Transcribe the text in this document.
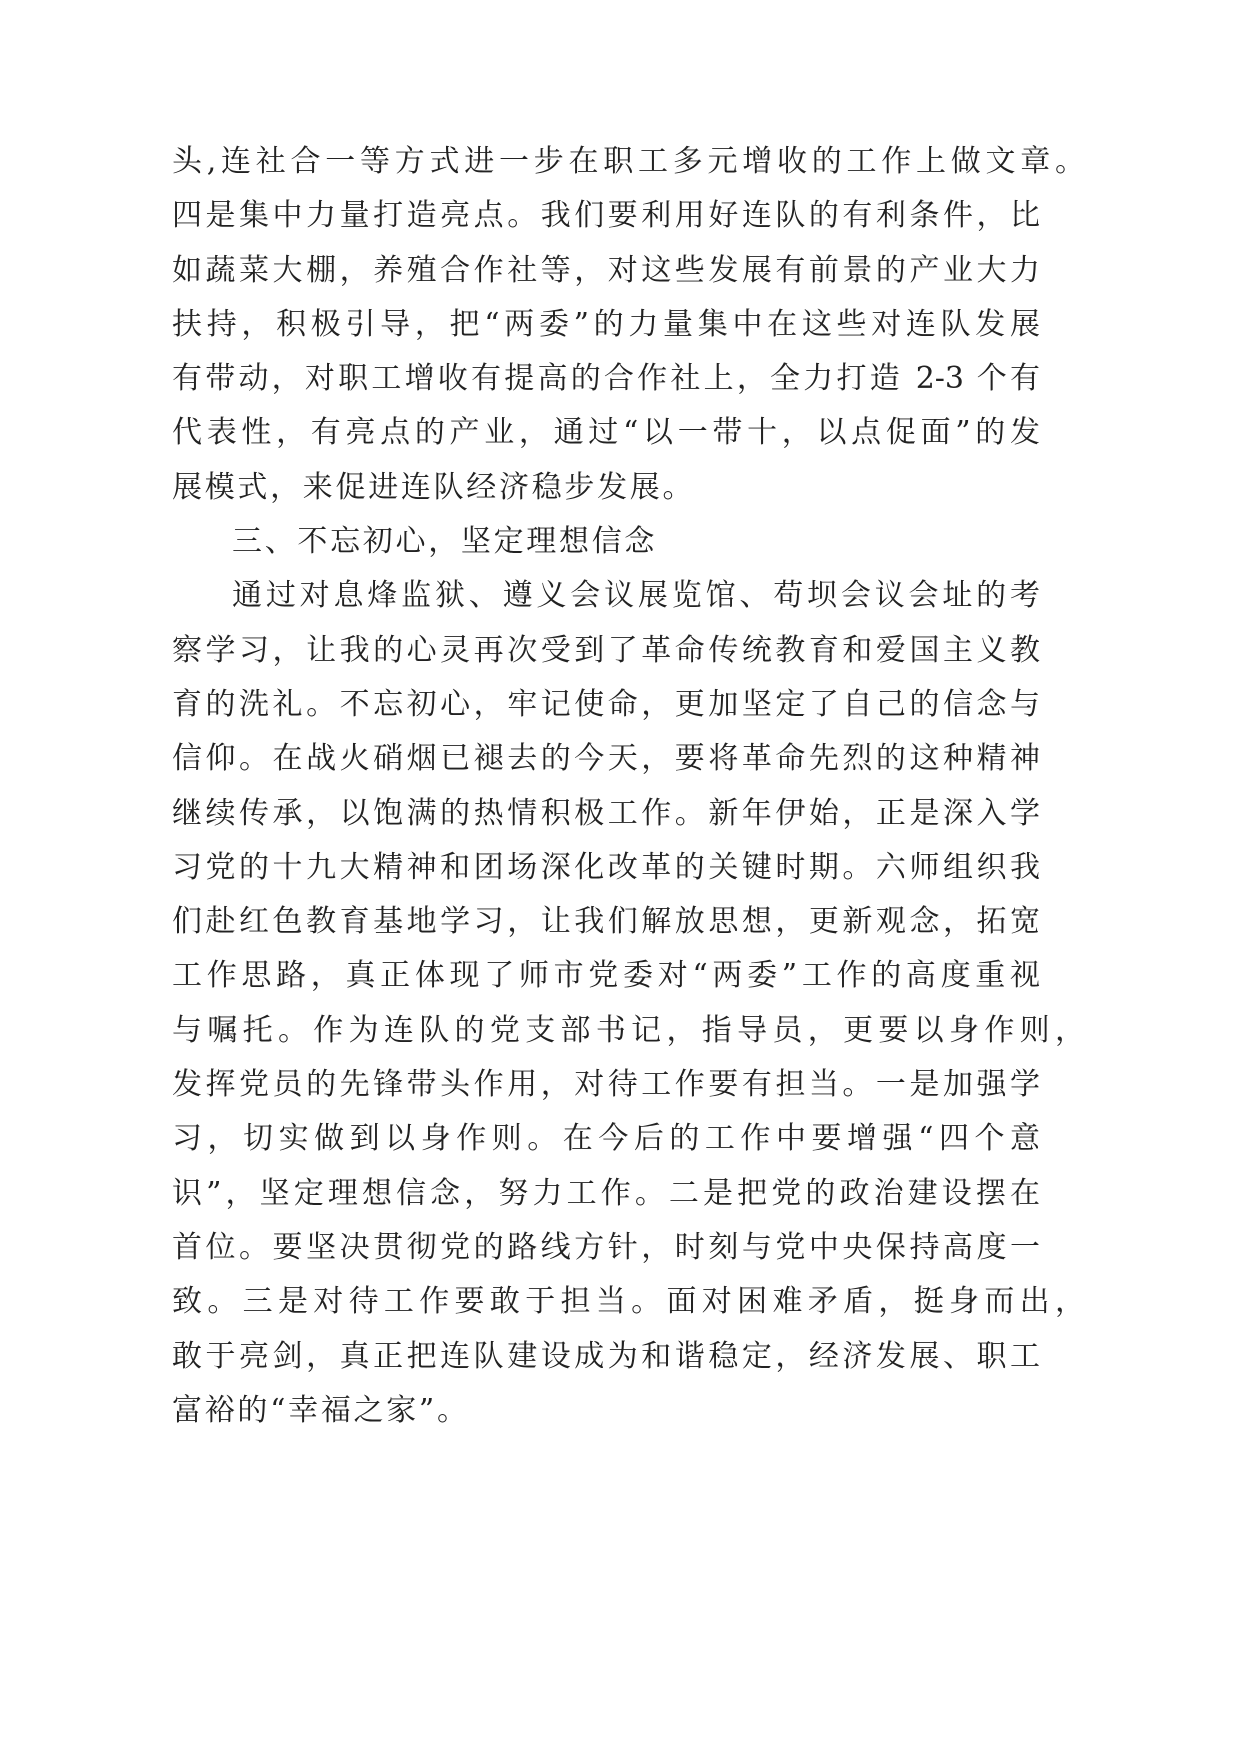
头,连社合一等方式进一步在职工多元增收的工作上做文章。
四是集中力量打造亮点。我们要利用好连队的有利条件，比
如蔬菜大棚，养殖合作社等，对这些发展有前景的产业大力
扶持，积极引导，把“两委”的力量集中在这些对连队发展
有带动，对职工增收有提高的合作社上，全力打造 2-3 个有
代表性，有亮点的产业，通过“以一带十，以点促面”的发
展模式，来促进连队经济稳步发展。
三、不忘初心，坚定理想信念
通过对息烽监狱、遵义会议展览馆、苟坝会议会址的考
察学习，让我的心灵再次受到了革命传统教育和爱国主义教
育的洗礼。不忘初心，牢记使命，更加坚定了自己的信念与
信仰。在战火硝烟已褪去的今天，要将革命先烈的这种精神
继续传承，以饱满的热情积极工作。新年伊始，正是深入学
习党的十九大精神和团场深化改革的关键时期。六师组织我
们赴红色教育基地学习，让我们解放思想，更新观念，拓宽
工作思路，真正体现了师市党委对“两委”工作的高度重视
与嘱托。作为连队的党支部书记，指导员，更要以身作则，
发挥党员的先锋带头作用，对待工作要有担当。一是加强学
习，切实做到以身作则。在今后的工作中要增强“四个意
识”，坚定理想信念，努力工作。二是把党的政治建设摆在
首位。要坚决贯彻党的路线方针，时刻与党中央保持高度一
致。三是对待工作要敢于担当。面对困难矛盾，挺身而出，
敢于亮剑，真正把连队建设成为和谐稳定，经济发展、职工
富裕的“幸福之家”。
